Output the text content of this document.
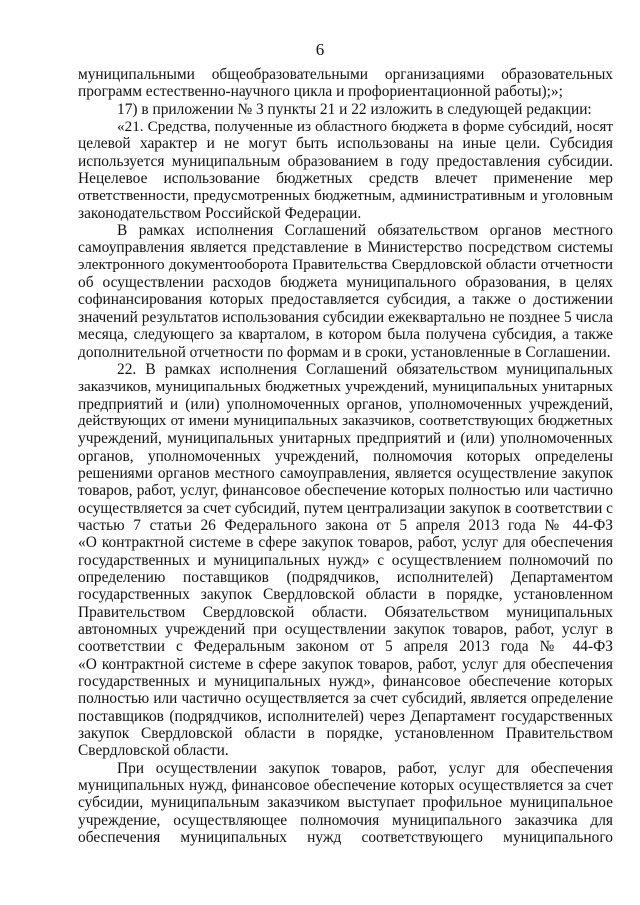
6
муниципальными общеобразовательными организациями образовательных
программ естественно-научного цикла и профориентационной работы);»;
17) в приложении № 3 пункты 21 и 22 изложить в следующей редакции:
«21. Средства, полученные из областного бюджета в форме субсидий, носят
целевой характер и не могут быть использованы на иные цели. Субсидия
используется муниципальным образованием в году предоставления субсидии.
Нецелевое использование бюджетных средств влечет применение мер
ответственности, предусмотренных бюджетным, административным и уголовным
законодательством Российской Федерации.
В рамках исполнения Соглашений обязательством органов местного
самоуправления является представление в Министерство посредством системы
электронного документооборота Правительства Свердловской области отчетности
об осуществлении расходов бюджета муниципального образования, в целях
софинансирования которых предоставляется субсидия, а также о достижении
значений результатов использования субсидии ежеквартально не позднее 5 числа
месяца, следующего за кварталом, в котором была получена субсидия, а также
дополнительной отчетности по формам и в сроки, установленные в Соглашении.
22. В рамках исполнения Соглашений обязательством муниципальных
заказчиков, муниципальных бюджетных учреждений, муниципальных унитарных
предприятий и (или) уполномоченных органов, уполномоченных учреждений,
действующих от имени муниципальных заказчиков, соответствующих бюджетных
учреждений, муниципальных унитарных предприятий и (или) уполномоченных
органов, уполномоченных учреждений, полномочия которых определены
решениями органов местного самоуправления, является осуществление закупок
товаров, работ, услуг, финансовое обеспечение которых полностью или частично
осуществляется за счет субсидий, путем централизации закупок в соответствии с
частью 7 статьи 26 Федерального закона от 5 апреля 2013 года № 44-ФЗ
«О контрактной системе в сфере закупок товаров, работ, услуг для обеспечения
государственных и муниципальных нужд» с осуществлением полномочий по
определению поставщиков (подрядчиков, исполнителей) Департаментом
государственных закупок Свердловской области в порядке, установленном
Правительством Свердловской области. Обязательством муниципальных
автономных учреждений при осуществлении закупок товаров, работ, услуг в
соответствии с Федеральным законом от 5 апреля 2013 года № 44-ФЗ
«О контрактной системе в сфере закупок товаров, работ, услуг для обеспечения
государственных и муниципальных нужд», финансовое обеспечение которых
полностью или частично осуществляется за счет субсидий, является определение
поставщиков (подрядчиков, исполнителей) через Департамент государственных
закупок Свердловской области в порядке, установленном Правительством
Свердловской области.
При осуществлении закупок товаров, работ, услуг для обеспечения
муниципальных нужд, финансовое обеспечение которых осуществляется за счет
субсидии, муниципальным заказчиком выступает профильное муниципальное
учреждение, осуществляющее полномочия муниципального заказчика для
обеспечения муниципальных нужд соответствующего муниципального
